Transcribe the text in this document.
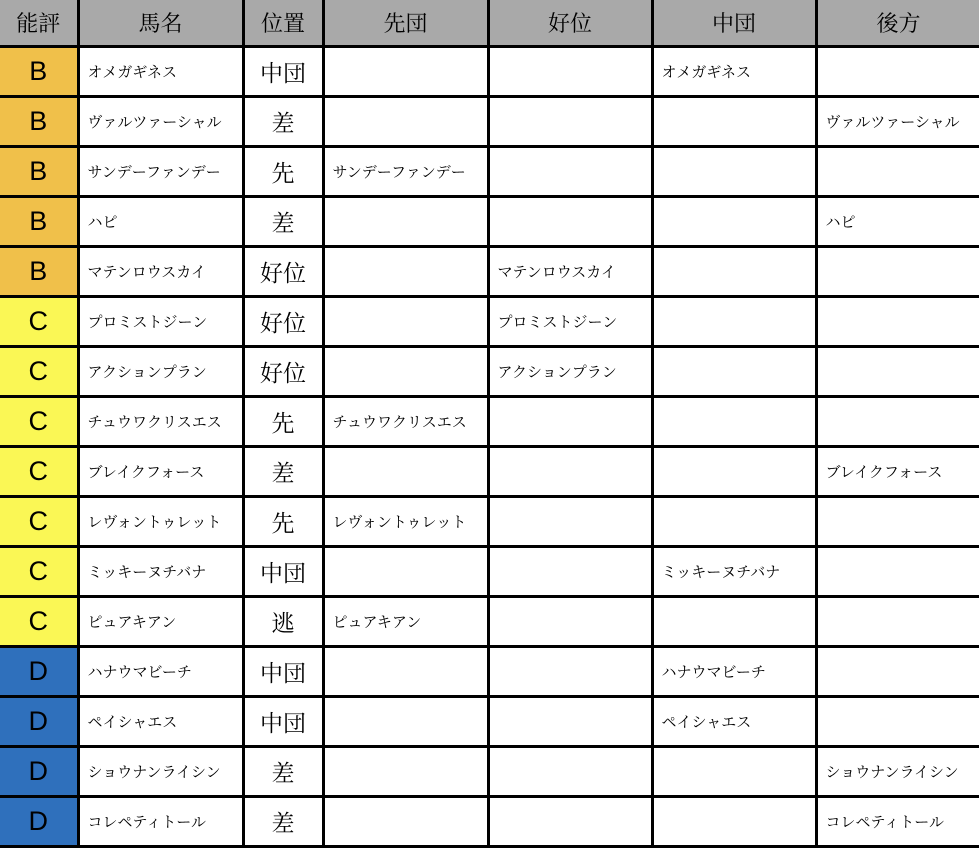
能評	馬名	位置	先団	好位	中団	後方
B	オメガギネス	中団			オメガギネス	
B	ヴァルツァーシャル	差				ヴァルツァーシャル
B	サンデーファンデー	先	サンデーファンデー			
B	ハピ	差				ハピ
B	マテンロウスカイ	好位		マテンロウスカイ		
C	プロミストジーン	好位		プロミストジーン		
C	アクションプラン	好位		アクションプラン		
C	チュウワクリスエス	先	チュウワクリスエス			
C	ブレイクフォース	差				ブレイクフォース
C	レヴォントゥレット	先	レヴォントゥレット			
C	ミッキーヌチバナ	中団			ミッキーヌチバナ	
C	ピュアキアン	逃	ピュアキアン			
D	ハナウマビーチ	中団			ハナウマビーチ	
D	ペイシャエス	中団			ペイシャエス	
D	ショウナンライシン	差				ショウナンライシン
D	コレペティトール	差				コレペティトール
